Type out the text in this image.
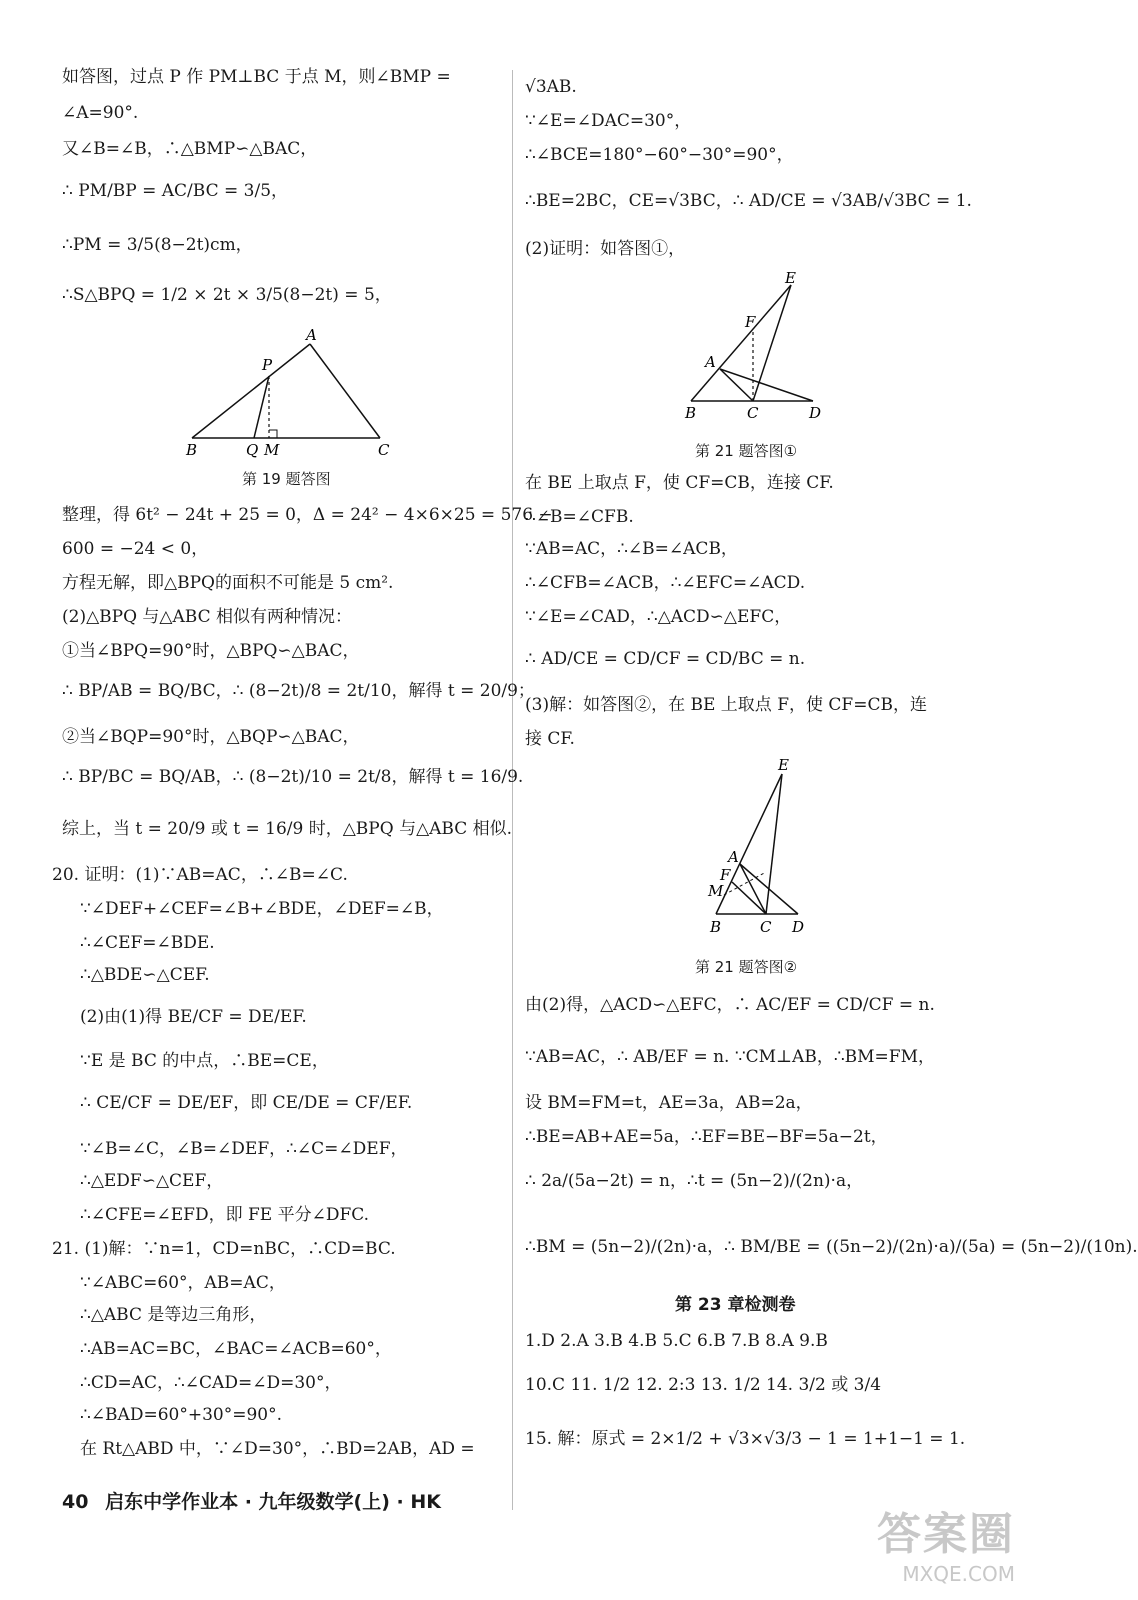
如答图，过点 P 作 PM⊥BC 于点 M，则∠BMP =
∠A=90°.
又∠B=∠B，∴△BMP∽△BAC，
∴ PM/BP = AC/BC = 3/5，
∴PM = 3/5(8−2t)cm，
∴S△BPQ = 1/2 × 2t × 3/5(8−2t) = 5，
A
P
B	Q M	C
第 19 题答图
整理，得 6t² − 24t + 25 = 0，Δ = 24² − 4×6×25 = 576 −
600 = −24 < 0，
方程无解，即△BPQ的面积不可能是 5 cm².
(2)△BPQ 与△ABC 相似有两种情况：
①当∠BPQ=90°时，△BPQ∽△BAC，
∴ BP/AB = BQ/BC，∴ (8−2t)/8 = 2t/10，解得 t = 20/9；
②当∠BQP=90°时，△BQP∽△BAC，
∴ BP/BC = BQ/AB，∴ (8−2t)/10 = 2t/8，解得 t = 16/9.
综上，当 t = 20/9 或 t = 16/9 时，△BPQ 与△ABC 相似.
20. 证明：(1)∵AB=AC，∴∠B=∠C.
∵∠DEF+∠CEF=∠B+∠BDE，∠DEF=∠B，
∴∠CEF=∠BDE.
∴△BDE∽△CEF.
(2)由(1)得 BE/CF = DE/EF.
∵E 是 BC 的中点，∴BE=CE，
∴ CE/CF = DE/EF，即 CE/DE = CF/EF.
∵∠B=∠C，∠B=∠DEF，∴∠C=∠DEF，
∴△EDF∽△CEF，
∴∠CFE=∠EFD，即 FE 平分∠DFC.
21. (1)解：∵n=1，CD=nBC，∴CD=BC.
∵∠ABC=60°，AB=AC，
∴△ABC 是等边三角形，
∴AB=AC=BC，∠BAC=∠ACB=60°，
∴CD=AC，∴∠CAD=∠D=30°，
∴∠BAD=60°+30°=90°.
在 Rt△ABD 中，∵∠D=30°，∴BD=2AB，AD =
√3AB.
∵∠E=∠DAC=30°，
∴∠BCE=180°−60°−30°=90°，
∴BE=2BC，CE=√3BC，∴ AD/CE = √3AB/√3BC = 1.
(2)证明：如答图①，
E
F
A
B	C	D
第 21 题答图①
在 BE 上取点 F，使 CF=CB，连接 CF.
∴∠B=∠CFB.
∵AB=AC，∴∠B=∠ACB，
∴∠CFB=∠ACB，∴∠EFC=∠ACD.
∵∠E=∠CAD，∴△ACD∽△EFC，
∴ AD/CE = CD/CF = CD/BC = n.
(3)解：如答图②，在 BE 上取点 F，使 CF=CB，连
接 CF.
E
A
F
M
B	C D
第 21 题答图②
由(2)得，△ACD∽△EFC，∴ AC/EF = CD/CF = n.
∵AB=AC，∴ AB/EF = n. ∵CM⊥AB，∴BM=FM，
设 BM=FM=t，AE=3a，AB=2a，
∴BE=AB+AE=5a，∴EF=BE−BF=5a−2t，
∴ 2a/(5a−2t) = n，∴t = (5n−2)/(2n)·a，
∴BM = (5n−2)/(2n)·a，∴ BM/BE = ((5n−2)/(2n)·a)/(5a) = (5n−2)/(10n).
第 23 章检测卷
1.D 2.A 3.B 4.B 5.C 6.B 7.B 8.A 9.B
10.C 11. 1/2 12. 2:3 13. 1/2 14. 3/2 或 3/4
15. 解：原式 = 2×1/2 + √3×√3/3 − 1 = 1+1−1 = 1.
40 启东中学作业本 · 九年级数学(上) · HK
答案圈
MXQE.COM
